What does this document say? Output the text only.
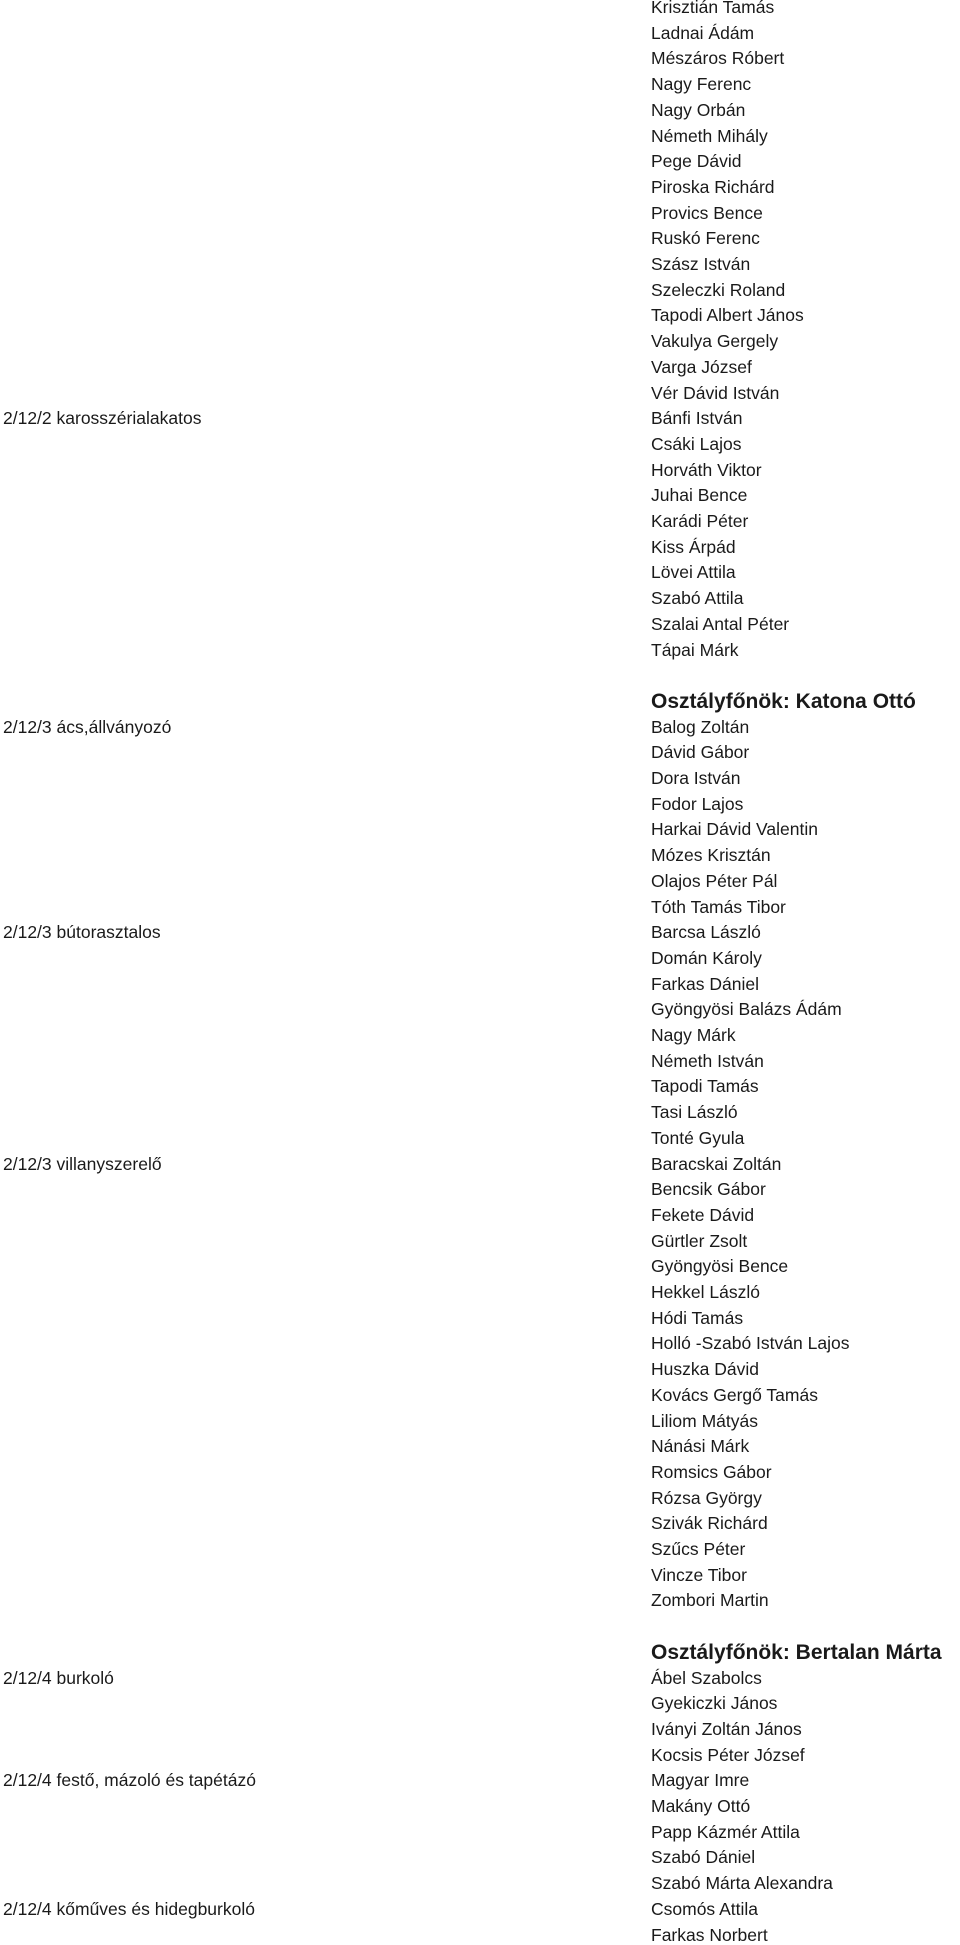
Krisztián Tamás
Ladnai Ádám
Mészáros Róbert
Nagy Ferenc
Nagy Orbán
Németh Mihály
Pege Dávid
Piroska Richárd
Provics Bence
Ruskó Ferenc
Szász István
Szeleczki Roland
Tapodi Albert János
Vakulya Gergely
Varga József
Vér Dávid István
Bánfi István
2/12/2 karosszérialakatos
Csáki Lajos
Horváth Viktor
Juhai Bence
Karádi Péter
Kiss Árpád
Lövei Attila
Szabó Attila
Szalai Antal Péter
Tápai Márk
Osztályfőnök: Katona Ottó
Balog Zoltán
2/12/3 ács,állványozó
Dávid Gábor
Dora István
Fodor Lajos
Harkai Dávid Valentin
Mózes Krisztán
Olajos Péter Pál
Tóth Tamás Tibor
Barcsa László
2/12/3 bútorasztalos
Domán Károly
Farkas Dániel
Gyöngyösi Balázs Ádám
Nagy Márk
Németh István
Tapodi Tamás
Tasi László
Tonté Gyula
Baracskai Zoltán
2/12/3 villanyszerelő
Bencsik Gábor
Fekete Dávid
Gürtler Zsolt
Gyöngyösi Bence
Hekkel László
Hódi Tamás
Holló -Szabó István Lajos
Huszka Dávid
Kovács Gergő Tamás
Liliom Mátyás
Nánási Márk
Romsics Gábor
Rózsa György
Szivák Richárd
Szűcs Péter
Vincze Tibor
Zombori Martin
Osztályfőnök: Bertalan Márta
Ábel Szabolcs
2/12/4 burkoló
Gyekiczki János
Iványi Zoltán János
Kocsis Péter József
Magyar Imre
2/12/4 festő, mázoló és tapétázó
Makány Ottó
Papp Kázmér Attila
Szabó Dániel
Szabó Márta Alexandra
Csomós Attila
2/12/4 kőműves és hidegburkoló
Farkas Norbert
